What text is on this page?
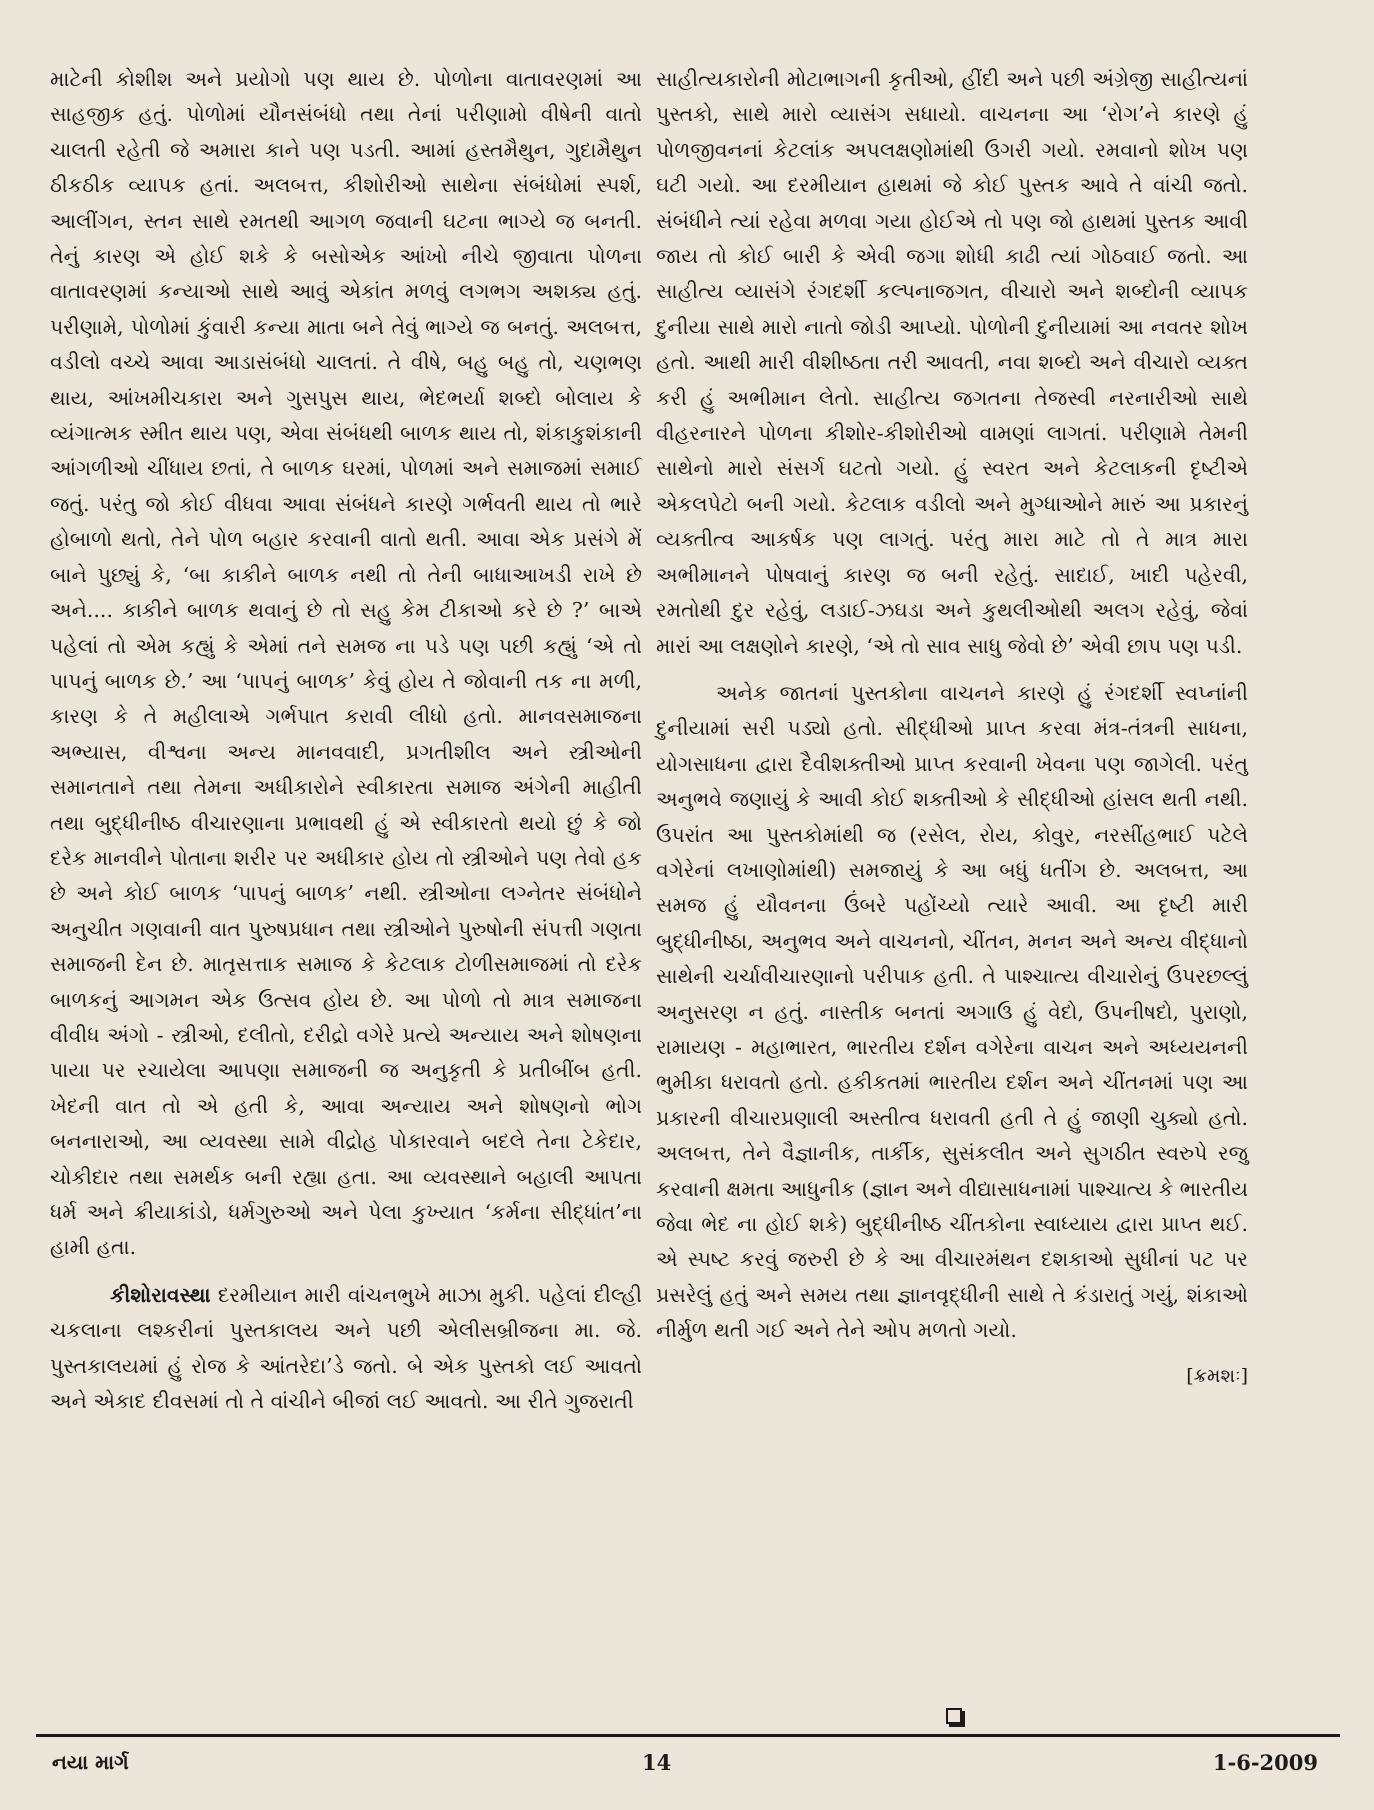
માટેની કોશીશ અને પ્રયોગો પણ થાય છે. પોળોના વાતાવરણમાં આ સાહજીક હતું. પોળોમાં યૌનસંબંધો તથા તેનાં પરીણામો વીષેની વાતો ચાલતી રહેતી જે અમારા કાને પણ પડતી. આમાં હસ્તમૈથુન, ગુદામૈથુન ઠીકઠીક વ્યાપક હતાં. અલબત્ત, કીશોરીઓ સાથેના સંબંધોમાં સ્પર્શ, આલીંગન, સ્તન સાથે રમતથી આગળ જવાની ઘટના ભાગ્યે જ બનતી. તેનું કારણ એ હોઈ શકે કે બસોએક આંખો નીચે જીવાતા પોળના વાતાવરણમાં કન્યાઓ સાથે આવું એકાંત મળવું લગભગ અશક્ય હતું. પરીણામે, પોળોમાં કુંવારી કન્યા માતા બને તેવું ભાગ્યે જ બનતું. અલબત્ત, વડીલો વચ્ચે આવા આડાસંબંધો ચાલતાં. તે વીષે, બહુ બહુ તો, ચણભણ થાય, આંખમીચકારા અને ગુસપુસ થાય, ભેદભર્યા શબ્દો બોલાય કે વ્યંગાત્મક સ્મીત થાય પણ, એવા સંબંધથી બાળક થાય તો, શંકાકુશંકાની આંગળીઓ ચીંધાય છતાં, તે બાળક ઘરમાં, પોળમાં અને સમાજમાં સમાઈ જતું. પરંતુ જો કોઈ વીધવા આવા સંબંધને કારણે ગર્ભવતી થાય તો ભારે હોબાળો થતો, તેને પોળ બહાર કરવાની વાતો થતી. આવા એક પ્રસંગે મેં બાને પુછ્યું કે, ‘બા કાકીને બાળક નથી તો તેની બાધાઆખડી રાખે છે અને.... કાકીને બાળક થવાનું છે તો સહુ કેમ ટીકાઓ કરે છે ?’ બાએ પહેલાં તો એમ કહ્યું કે એમાં તને સમજ ના પડે પણ પછી કહ્યું ‘એ તો પાપનું બાળક છે.’ આ ‘પાપનું બાળક’ કેવું હોય તે જોવાની તક ના મળી, કારણ કે તે મહીલાએ ગર્ભપાત કરાવી લીધો હતો. માનવસમાજના અભ્યાસ, વીશ્વના અન્ય માનવવાદી, પ્રગતીશીલ અને સ્ત્રીઓની સમાનતાને તથા તેમના અધીકારોને સ્વીકારતા સમાજ અંગેની માહીતી તથા બુદ્ધીનીષ્ઠ વીચારણાના પ્રભાવથી હું એ સ્વીકારતો થયો છું કે જો દરેક માનવીને પોતાના શરીર પર અધીકાર હોય તો સ્ત્રીઓને પણ તેવો હક છે અને કોઈ બાળક ‘પાપનું બાળક’ નથી. સ્ત્રીઓના લગ્નેતર સંબંધોને અનુચીત ગણવાની વાત પુરુષપ્રધાન તથા સ્ત્રીઓને પુરુષોની સંપત્તી ગણતા સમાજની દેન છે. માતૃસત્તાક સમાજ કે કેટલાક ટોળીસમાજમાં તો દરેક બાળકનું આગમન એક ઉત્સવ હોય છે. આ પોળો તો માત્ર સમાજના વીવીધ અંગો - સ્ત્રીઓ, દલીતો, દરીદ્રો વગેરે પ્રત્યે અન્યાય અને શોષણના પાયા પર રચાયેલા આપણા સમાજની જ અનુકૃતી કે પ્રતીબીંબ હતી. ખેદની વાત તો એ હતી કે, આવા અન્યાય અને શોષણનો ભોગ બનનારાઓ, આ વ્યવસ્થા સામે વીદ્રોહ પોકારવાને બદલે તેના ટેકેદાર, ચોકીદાર તથા સમર્થક બની રહ્યા હતા. આ વ્યવસ્થાને બહાલી આપતા ધર્મ અને ક્રીયાકાંડો, ધર્મગુરુઓ અને પેલા કુખ્યાત ‘કર્મના સીદ્ધાંત’ના હામી હતા.

કીશોરાવસ્થા દરમીયાન મારી વાંચનભુખે માઝા મુકી. પહેલાં દીલ્હી ચકલાના લશ્કરીનાં પુસ્તકાલય અને પછી એલીસબ્રીજના મા. જે. પુસ્તકાલયમાં હું રોજ કે આંતરેદા’ડે જતો. બે એક પુસ્તકો લઈ આવતો અને એકાદ દીવસમાં તો તે વાંચીને બીજાં લઈ આવતો. આ રીતે ગુજરાતી

સાહીત્યકારોની મોટાભાગની કૃતીઓ, હીંદી અને પછી અંગ્રેજી સાહીત્યનાં પુસ્તકો, સાથે મારો વ્યાસંગ સધાયો. વાચનના આ ‘રોગ’ને કારણે હું પોળજીવનનાં કેટલાંક અપલક્ષણોમાંથી ઉગરી ગયો. રમવાનો શોખ પણ ઘટી ગયો. આ દરમીયાન હાથમાં જે કોઈ પુસ્તક આવે તે વાંચી જતો. સંબંધીને ત્યાં રહેવા મળવા ગયા હોઈએ તો પણ જો હાથમાં પુસ્તક આવી જાય તો કોઈ બારી કે એવી જગા શોધી કાઢી ત્યાં ગોઠવાઈ જતો. આ સાહીત્ય વ્યાસંગે રંગદર્શી કલ્પનાજગત, વીચારો અને શબ્દોની વ્યાપક દુનીયા સાથે મારો નાતો જોડી આપ્યો. પોળોની દુનીયામાં આ નવતર શોખ હતો. આથી મારી વીશીષ્ઠતા તરી આવતી, નવા શબ્દો અને વીચારો વ્યક્ત કરી હું અભીમાન લેતો. સાહીત્ય જગતના તેજસ્વી નરનારીઓ સાથે વીહરનારને પોળના કીશોર-કીશોરીઓ વામણાં લાગતાં. પરીણામે તેમની સાથેનો મારો સંસર્ગ ઘટતો ગયો. હું સ્વરત અને કેટલાકની દૃષ્ટીએ એકલપેટો બની ગયો. કેટલાક વડીલો અને મુગ્ધાઓને મારું આ પ્રકારનું વ્યક્તીત્વ આકર્ષક પણ લાગતું. પરંતુ મારા માટે તો તે માત્ર મારા અભીમાનને પોષવાનું કારણ જ બની રહેતું. સાદાઈ, ખાદી પહેરવી, રમતોથી દુર રહેવું, લડાઈ-ઝઘડા અને કુથલીઓથી અલગ રહેવું, જેવાં મારાં આ લક્ષણોને કારણે, ‘એ તો સાવ સાધુ જેવો છે’ એવી છાપ પણ પડી.

અનેક જાતનાં પુસ્તકોના વાચનને કારણે હું રંગદર્શી સ્વપ્નાંની દુનીયામાં સરી પડ્યો હતો. સીદ્ધીઓ પ્રાપ્ત કરવા મંત્ર-તંત્રની સાધના, યોગસાધના દ્વારા દૈવીશક્તીઓ પ્રાપ્ત કરવાની ખેવના પણ જાગેલી. પરંતુ અનુભવે જણાયું કે આવી કોઈ શક્તીઓ કે સીદ્ધીઓ હાંસલ થતી નથી. ઉપરાંત આ પુસ્તકોમાંથી જ (રસેલ, રોય, કોવુર, નરસીંહભાઈ પટેલે વગેરેનાં લખાણોમાંથી) સમજાયું કે આ બધું ધતીંગ છે. અલબત્ત, આ સમજ હું યૌવનના ઉંબરે પહોંચ્યો ત્યારે આવી. આ દૃષ્ટી મારી બુદ્ધીનીષ્ઠા, અનુભવ અને વાચનનો, ચીંતન, મનન અને અન્ય વીદ્ધાનો સાથેની ચર્ચાવીચારણાનો પરીપાક હતી. તે પાશ્ચાત્ય વીચારોનું ઉપરછલ્લું અનુસરણ ન હતું. નાસ્તીક બનતાં અગાઉ હું વેદો, ઉપનીષદો, પુરાણો, રામાયણ - મહાભારત, ભારતીય દર્શન વગેરેના વાચન અને અધ્યયનની ભુમીકા ધરાવતો હતો. હકીકતમાં ભારતીય દર્શન અને ચીંતનમાં પણ આ પ્રકારની વીચારપ્રણાલી અસ્તીત્વ ધરાવતી હતી તે હું જાણી ચુક્યો હતો. અલબત્ત, તેને વૈજ્ઞાનીક, તાર્કીક, સુસંકલીત અને સુગઠીત સ્વરુપે રજુ કરવાની ક્ષમતા આધુનીક (જ્ઞાન અને વીદ્યાસાધનામાં પાશ્ચાત્ય કે ભારતીય જેવા ભેદ ના હોઈ શકે) બુદ્ધીનીષ્ઠ ચીંતકોના સ્વાધ્યાય દ્વારા પ્રાપ્ત થઈ. એ સ્પષ્ટ કરવું જરુરી છે કે આ વીચારમંથન દશકાઓ સુધીનાં પટ પર પ્રસરેલું હતું અને સમય તથા જ્ઞાનવૃદ્ધીની સાથે તે કંડારાતું ગયું, શંકાઓ નીર્મુળ થતી ગઈ અને તેને ઓપ મળતો ગયો.

[ક્રમશઃ]
નયા માર્ગ	14	1-6-2009
